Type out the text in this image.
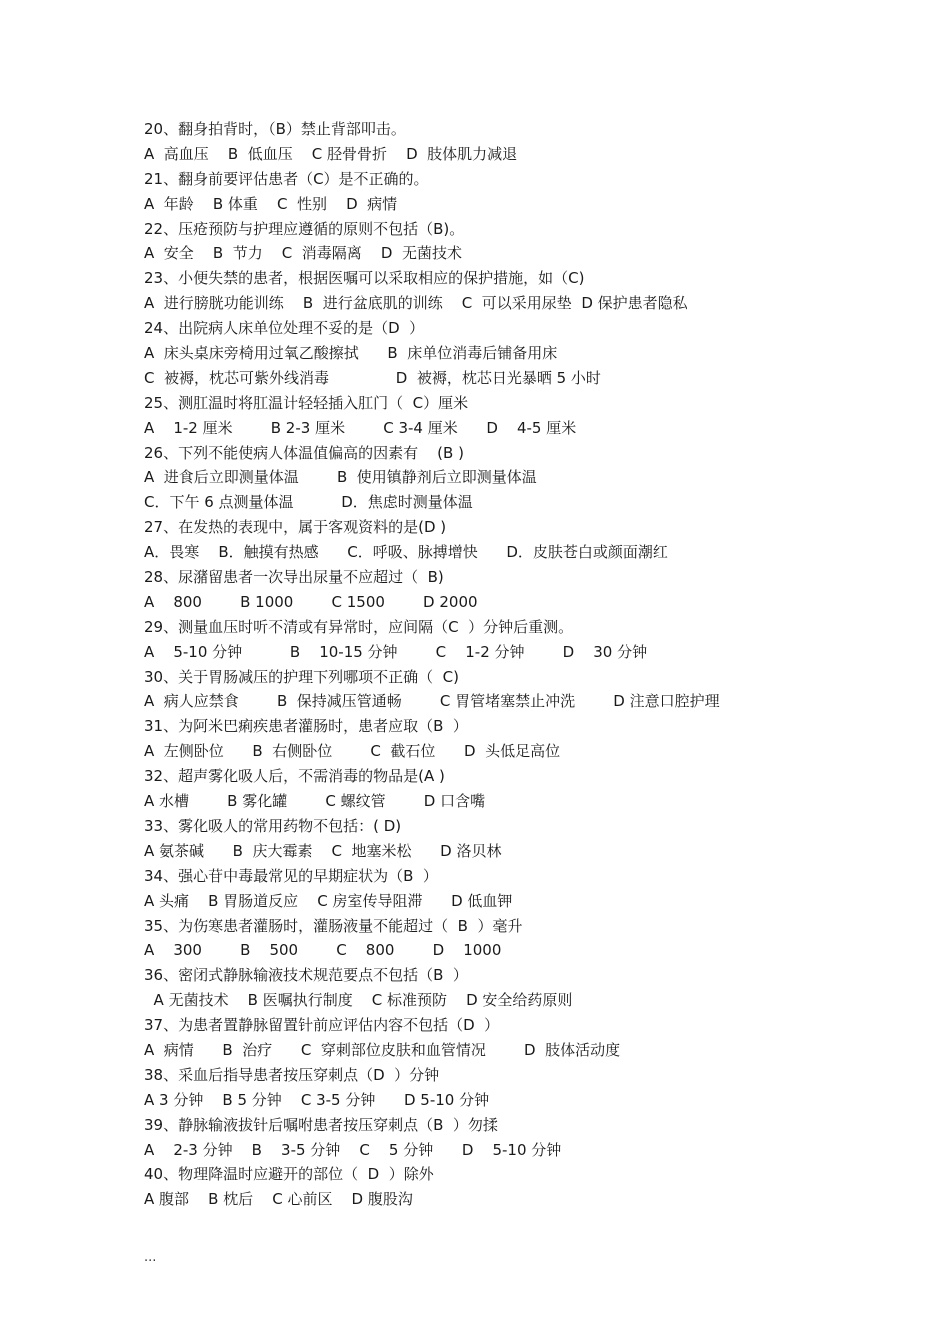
20、翻身拍背时，（B）禁止背部叩击。
A  高血压    B  低血压    C 胫骨骨折    D  肢体肌力减退
21、翻身前要评估患者（C）是不正确的。
A  年龄    B 体重    C  性别    D  病情
22、压疮预防与护理应遵循的原则不包括（B)。
A  安全    B  节力    C  消毒隔离    D  无菌技术
23、小便失禁的患者，根据医嘱可以采取相应的保护措施，如（C)
A  进行膀胱功能训练    B  进行盆底肌的训练    C  可以采用尿垫  D 保护患者隐私
24、出院病人床单位处理不妥的是（D  ）
A  床头桌床旁椅用过氧乙酸擦拭      B  床单位消毒后铺备用床
C  被褥，枕芯可紫外线消毒              D  被褥，枕芯日光暴晒 5 小时
25、测肛温时将肛温计轻轻插入肛门（  C）厘米
A    1-2 厘米        B 2-3 厘米        C 3-4 厘米      D    4-5 厘米
26、下列不能使病人体温值偏高的因素有    (B )
A  进食后立即测量体温        B  使用镇静剂后立即测量体温
C．下午 6 点测量体温          D．焦虑时测量体温
27、在发热的表现中，属于客观资料的是(D )
A．畏寒    B．触摸有热感      C．呼吸、脉搏增快      D．皮肤苍白或颜面潮红
28、尿潴留患者一次导出尿量不应超过（  B)
A    800        B 1000        C 1500        D 2000
29、测量血压时听不清或有异常时，应间隔（C  ）分钟后重测。
A    5-10 分钟          B    10-15 分钟        C    1-2 分钟        D    30 分钟
30、关于胃肠减压的护理下列哪项不正确（  C)
A  病人应禁食        B  保持减压管通畅        C 胃管堵塞禁止冲洗        D 注意口腔护理
31、为阿米巴痢疾患者灌肠时，患者应取（B  ）
A  左侧卧位      B  右侧卧位        C  截石位      D  头低足高位
32、超声雾化吸人后，不需消毒的物品是(A )
A 水槽        B 雾化罐        C 螺纹管        D 口含嘴
33、雾化吸人的常用药物不包括：( D)
A 氨茶碱      B  庆大霉素    C  地塞米松      D 洛贝林
34、强心苷中毒最常见的早期症状为（B  ）
A 头痛    B 胃肠道反应    C 房室传导阻滞      D 低血钾
35、为伤寒患者灌肠时，灌肠液量不能超过（  B  ）毫升
A    300        B    500        C    800        D    1000
36、密闭式静脉输液技术规范要点不包括（B  ）
A 无菌技术    B 医嘱执行制度    C 标准预防    D 安全给药原则
37、为患者置静脉留置针前应评估内容不包括（D  ）
A  病情      B  治疗      C  穿刺部位皮肤和血管情况        D  肢体活动度
38、采血后指导患者按压穿刺点（D  ）分钟
A 3 分钟    B 5 分钟    C 3-5 分钟      D 5-10 分钟
39、静脉输液拔针后嘱咐患者按压穿刺点（B  ）勿揉
A    2-3 分钟    B    3-5 分钟    C    5 分钟      D    5-10 分钟
40、物理降温时应避开的部位（  D  ）除外
A 腹部    B 枕后    C 心前区    D 腹股沟
...
